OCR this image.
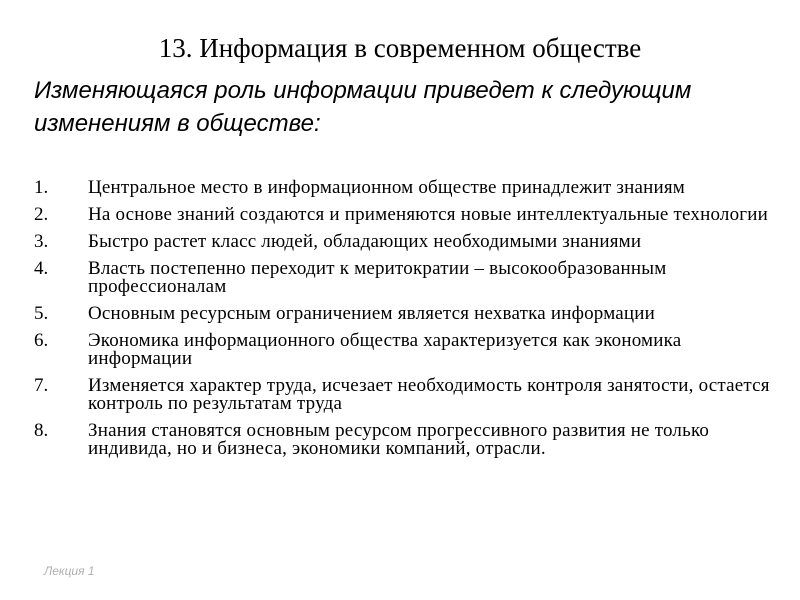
13. Информация в современном обществе
Изменяющаяся роль информации приведет к следующим изменениям в обществе:
1.	Центральное место в информационном обществе принадлежит знаниям
2.	На основе знаний создаются и применяются новые интеллектуальные технологии
3.	Быстро растет класс людей, обладающих необходимыми знаниями
4.	Власть постепенно переходит к меритократии – высокообразованным профессионалам
5.	Основным ресурсным ограничением является нехватка информации
6.	Экономика информационного общества характеризуется как экономика информации
7.	Изменяется характер труда, исчезает необходимость контроля занятости, остается контроль по результатам труда
8.	Знания становятся основным ресурсом прогрессивного развития не только индивида, но и бизнеса, экономики компаний, отрасли.
Лекция 1
